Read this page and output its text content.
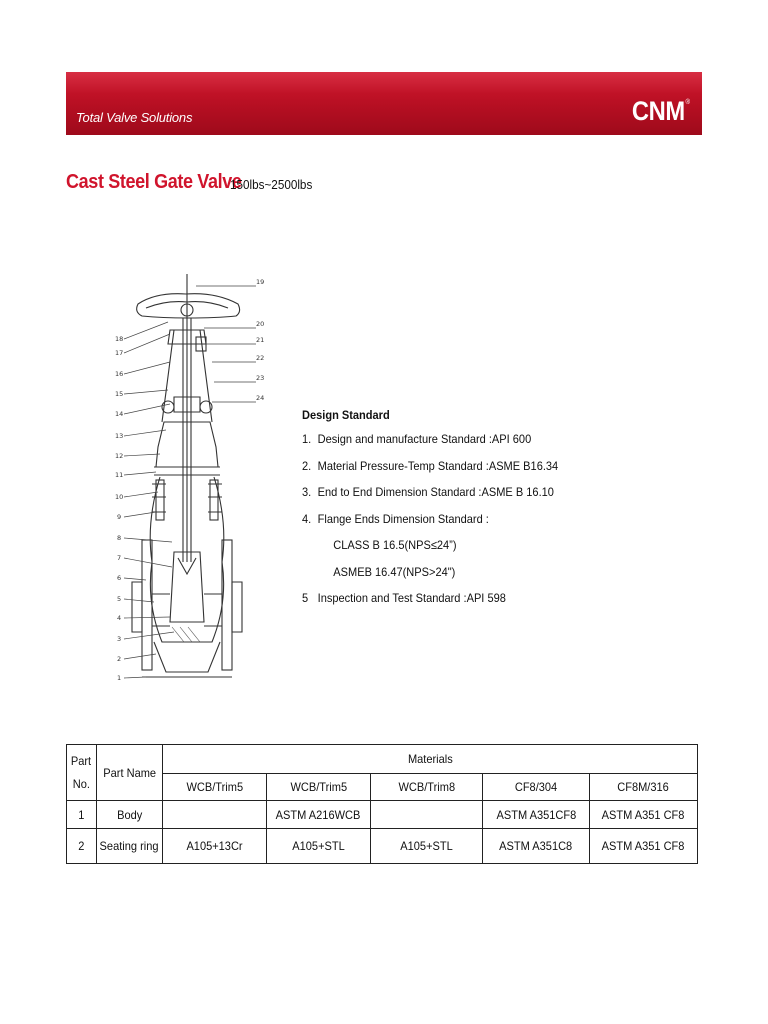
Total Valve Solutions	CNM®
Cast Steel Gate Valve
150lbs~2500lbs
18
17
16
15
14
13
12
11
10
9
8
7
6
5
4
3
2
1
19
20
21
22
23
24
Design Standard
1. Design and manufacture Standard :API 600
2. Material Pressure-Temp Standard :ASME B16.34
3. End to End Dimension Standard :ASME B 16.10
4. Flange Ends Dimension Standard :
CLASS B 16.5(NPS≤24”)
ASMEB 16.47(NPS>24")
5 Inspection and Test Standard :API 598
Part
No.	Part Name	Materials				
		WCB/Trim5	WCB/Trim5	WCB/Trim8	CF8/304	CF8M/316
1	Body		ASTM A216WCB		ASTM A351CF8	ASTM A351 CF8
2	Seating ring	A105+13Cr	A105+STL	A105+STL	ASTM A351C8	ASTM A351 CF8
